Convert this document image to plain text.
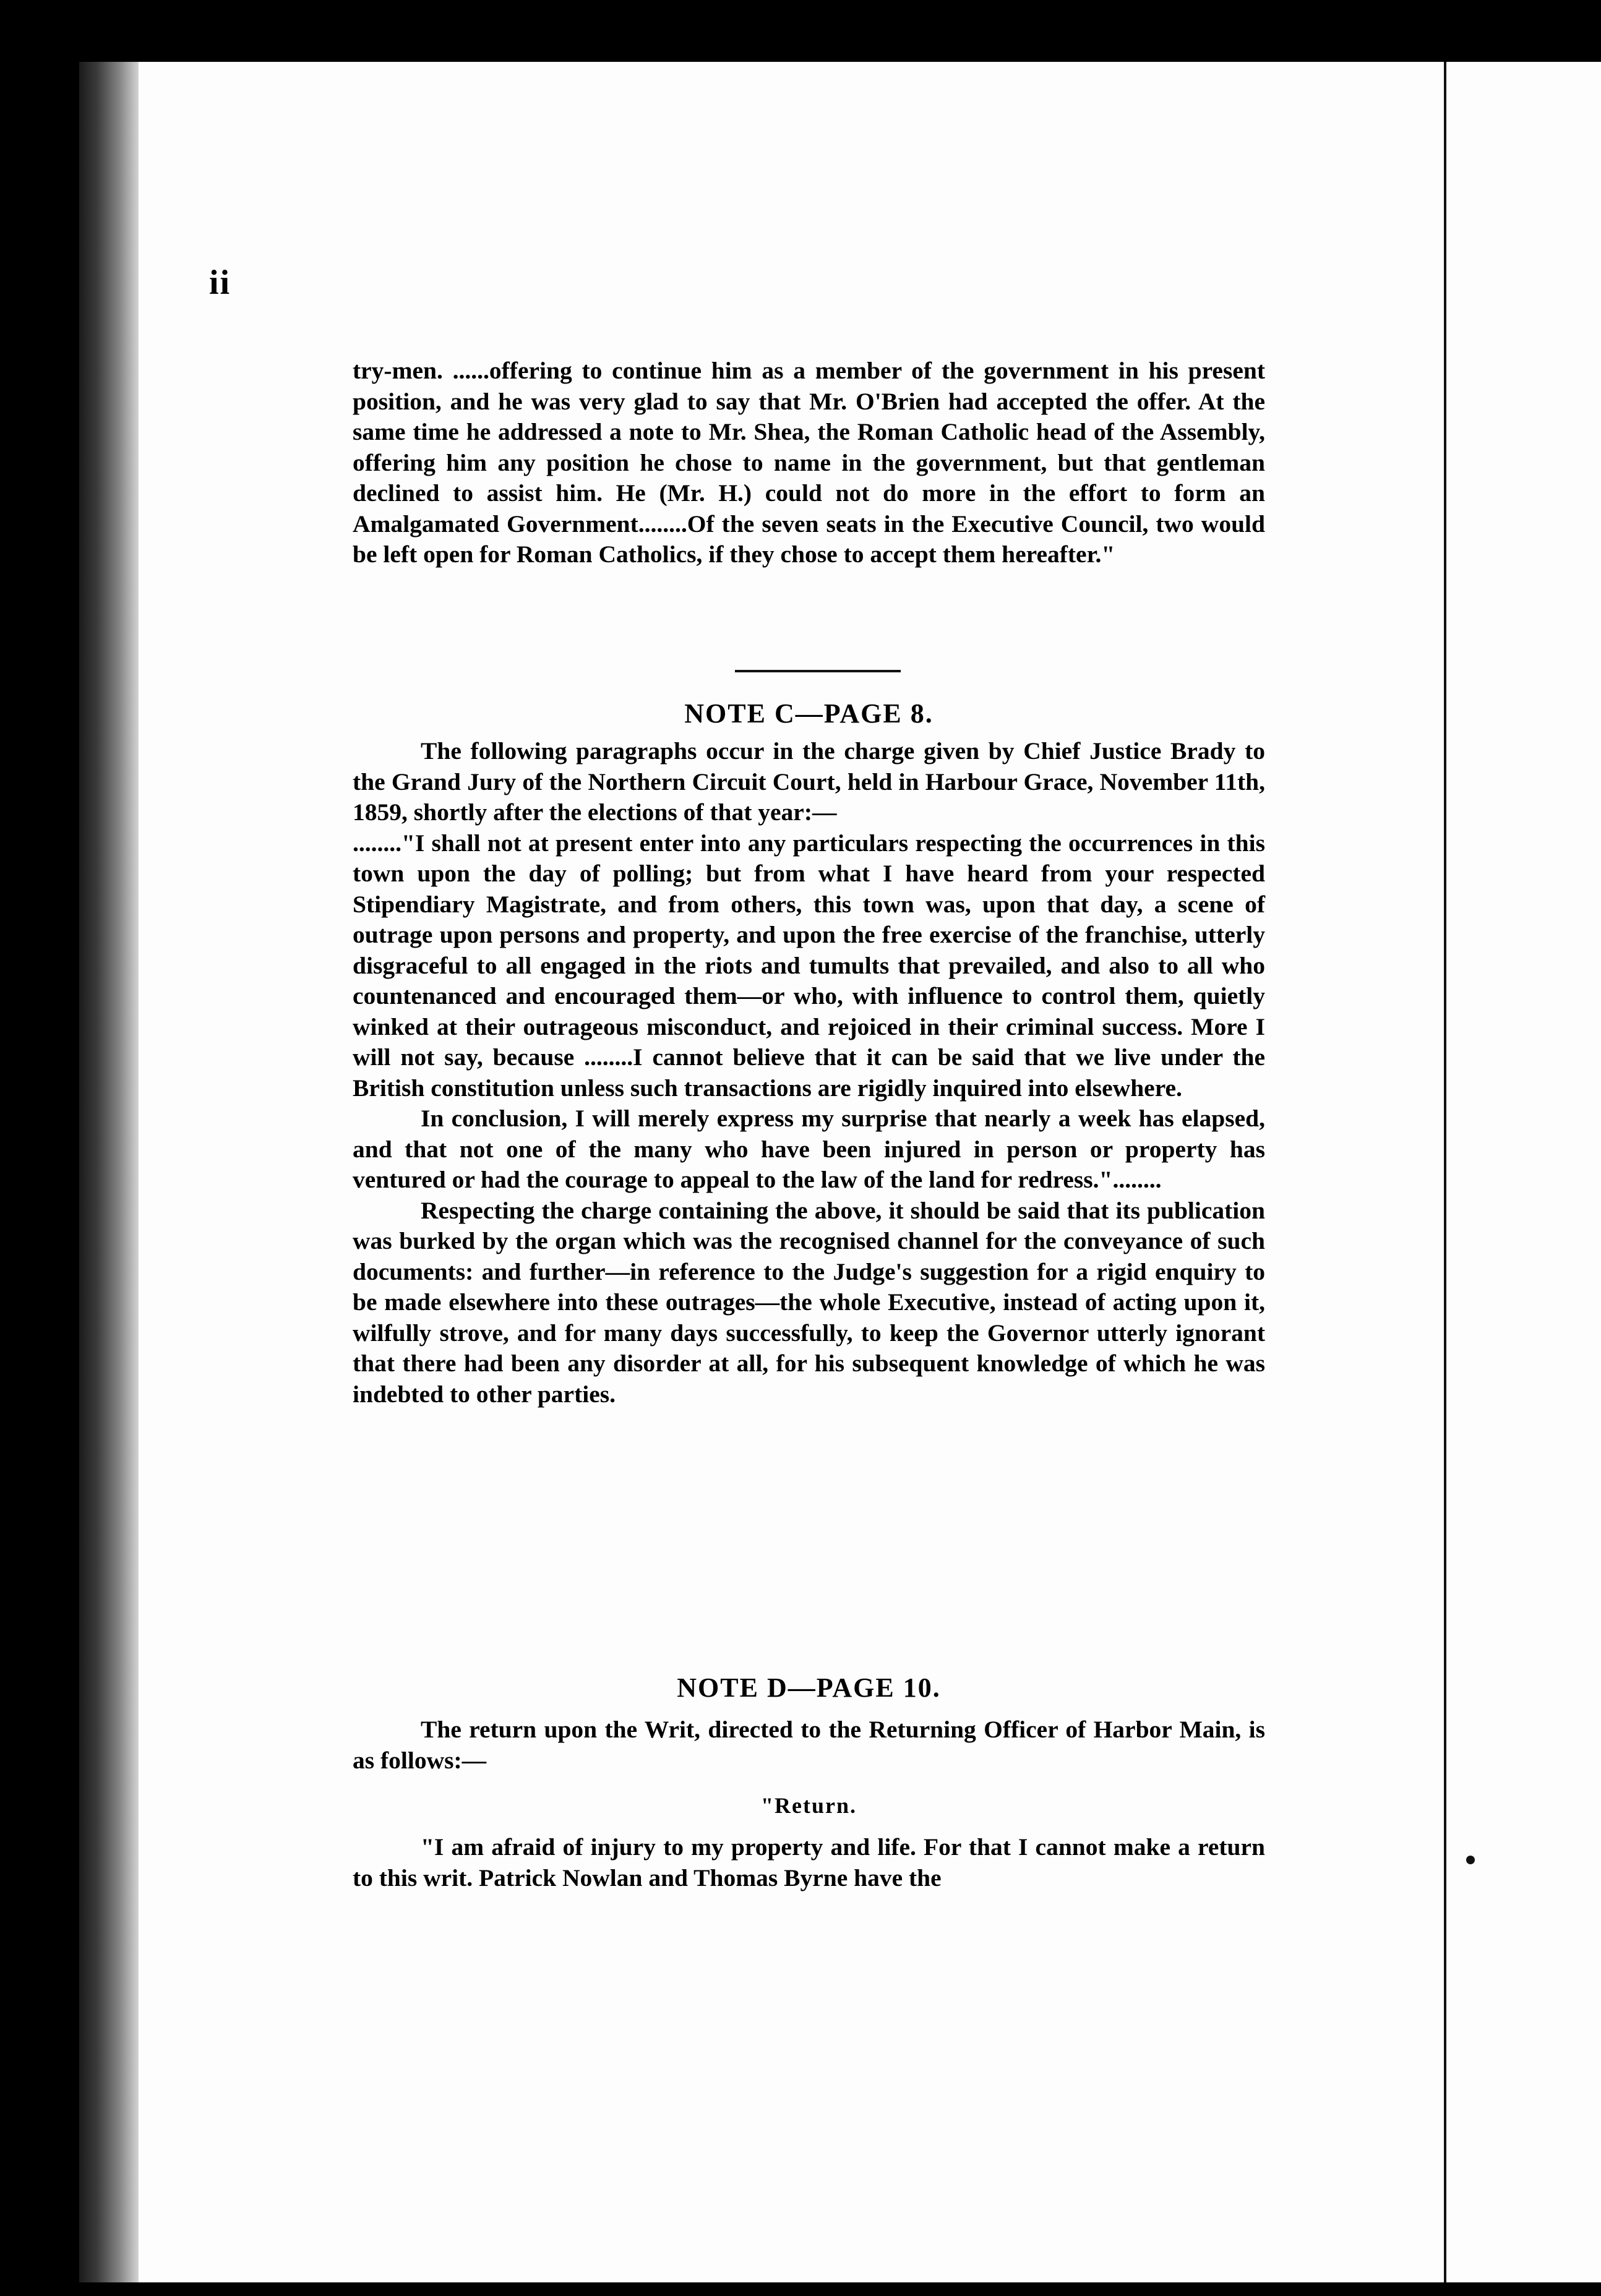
ii

try-men. ......offering to continue him as a member of the government in his present position, and he was very glad to say that Mr. O'Brien had accepted the offer. At the same time he addressed a note to Mr. Shea, the Roman Catholic head of the Assembly, offering him any position he chose to name in the government, but that gentleman declined to assist him. He (Mr. H.) could not do more in the effort to form an Amalgamated Government........Of the seven seats in the Executive Council, two would be left open for Roman Catholics, if they chose to accept them hereafter."

NOTE C—PAGE 8.

The following paragraphs occur in the charge given by Chief Justice Brady to the Grand Jury of the Northern Circuit Court, held in Harbour Grace, November 11th, 1859, shortly after the elections of that year:—

........"I shall not at present enter into any particulars respecting the occurrences in this town upon the day of polling; but from what I have heard from your respected Stipendiary Magistrate, and from others, this town was, upon that day, a scene of outrage upon persons and property, and upon the free exercise of the franchise, utterly disgraceful to all engaged in the riots and tumults that prevailed, and also to all who countenanced and encouraged them—or who, with influence to control them, quietly winked at their outrageous misconduct, and rejoiced in their criminal success. More I will not say, because ........I cannot believe that it can be said that we live under the British constitution unless such transactions are rigidly inquired into elsewhere.

In conclusion, I will merely express my surprise that nearly a week has elapsed, and that not one of the many who have been injured in person or property has ventured or had the courage to appeal to the law of the land for redress."........

Respecting the charge containing the above, it should be said that its publication was burked by the organ which was the recognised channel for the conveyance of such documents: and further—in reference to the Judge's suggestion for a rigid enquiry to be made elsewhere into these outrages—the whole Executive, instead of acting upon it, wilfully strove, and for many days successfully, to keep the Governor utterly ignorant that there had been any disorder at all, for his subsequent knowledge of which he was indebted to other parties.

NOTE D—PAGE 10.

The return upon the Writ, directed to the Returning Officer of Harbor Main, is as follows:—

"Return.

"I am afraid of injury to my property and life. For that I cannot make a return to this writ. Patrick Nowlan and Thomas Byrne have the
